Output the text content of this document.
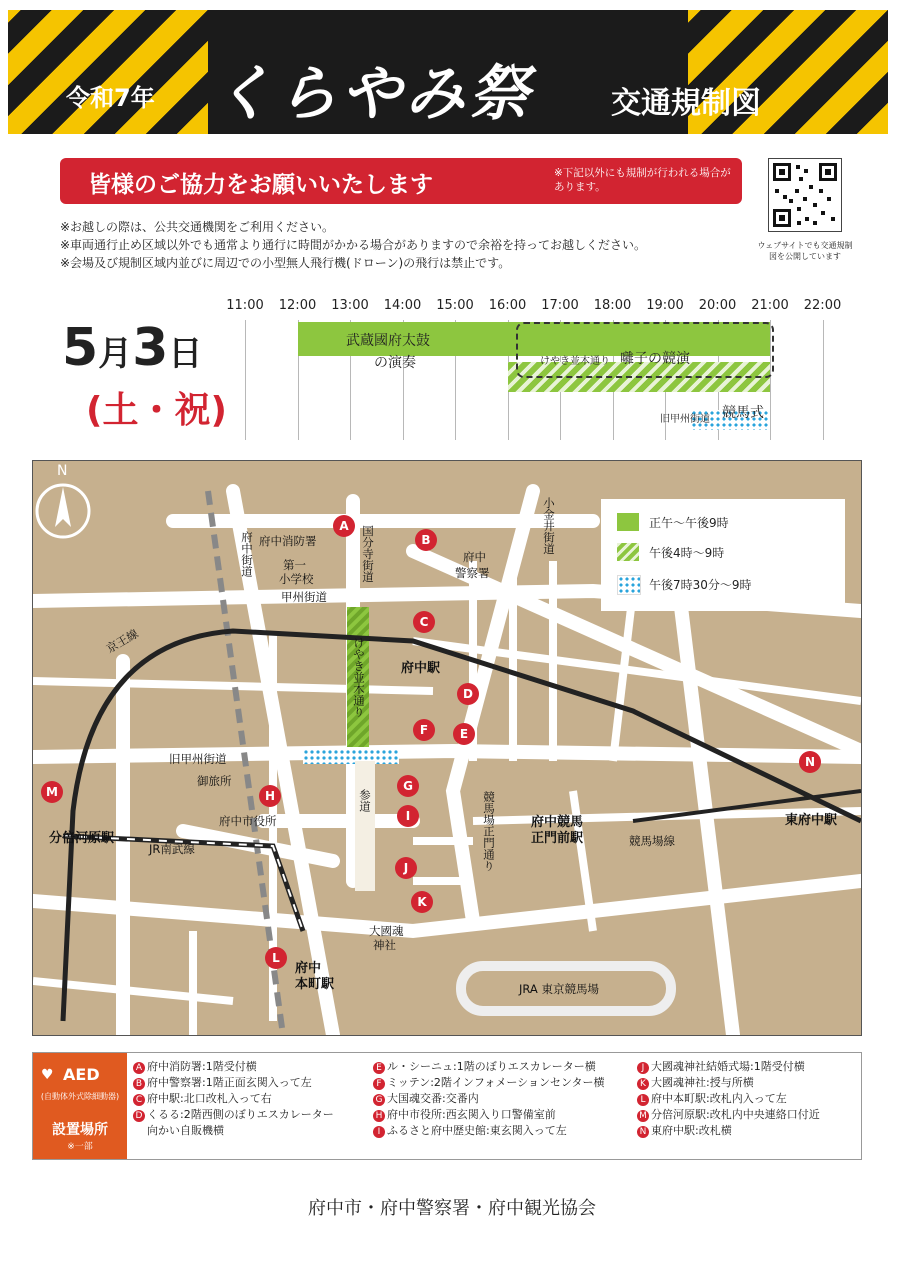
令和7年 くらやみ祭	交通規制図
皆様のご協力をお願いいたします	※下記以外にも規制が行われる場合があります。
ウェブサイトでも交通規制図を公開しています
※お越しの際は、公共交通機関をご利用ください。
※車両通行止め区域以外でも通常より通行に時間がかかる場合がありますので余裕を持ってお越しください。
※会場及び規制区域内並びに周辺での小型無人飛行機(ドローン)の飛行は禁止です。
5月3日
(土・祝)
11:00	12:00	13:00	14:00	15:00	16:00	17:00	18:00	19:00	20:00	21:00	22:00
武蔵國府太鼓
の演奏	けやき並木通り 囃子の競演
旧甲州街道 競馬式
正午〜午後9時
午後4時〜9時
午後7時30分〜9時
N
府中消防署
第一
小学校
府中
警察署
甲州街道
旧甲州街道
国分寺街道
府中街道	小金井街道
京王線	けやき並木通り
御旅所
府中市役所
参道	競馬場正門通り	競馬場線
JR南武線
大國魂
神社
JRA 東京競馬場
府中駅
東府中駅
分倍河原駅
府中
本町駅
府中競馬
正門前駅
A
B
C
D
E
F
G
H
I
J
K
L
M
N
♥ AED
(自動体外式除細動器)
設置場所
※一部
A 府中消防署:1階受付横
B 府中警察署:1階正面玄関入って左
C 府中駅:北口改札入って右
D くるる:2階西側のぼりエスカレーター
向かい自販機横
E ル・シーニュ:1階のぼりエスカレーター横
F ミッテン:2階インフォメーションセンター横
G 大国魂交番:交番内
H 府中市役所:西玄関入り口警備室前
I ふるさと府中歴史館:東玄関入って左
J 大國魂神社結婚式場:1階受付横
K 大國魂神社:授与所横
L 府中本町駅:改札内入って左
M 分倍河原駅:改札内中央連絡口付近
N 東府中駅:改札横
府中市・府中警察署・府中観光協会
